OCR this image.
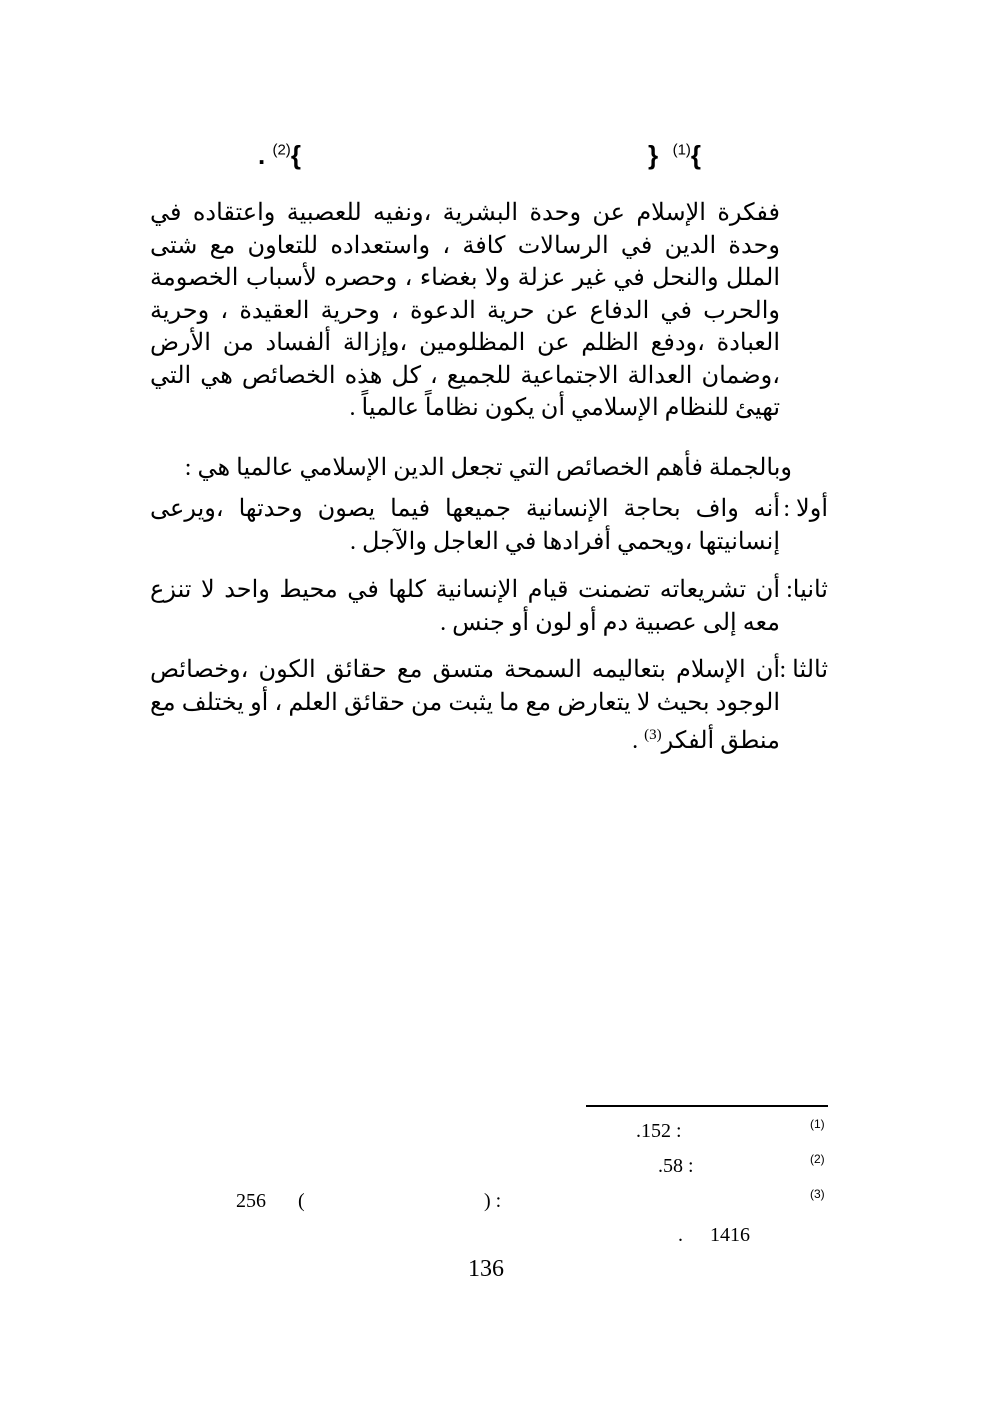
} $^{(1)}${
. $^{(2)}${
ففكرة الإسلام عن وحدة البشرية ،ونفيه للعصبية واعتقاده في وحدة الدين في الرسالات كافة ، واستعداده للتعاون مع شتى الملل والنحل في غير عزلة ولا بغضاء ، وحصره لأسباب الخصومة والحرب في الدفاع عن حرية الدعوة ، وحرية العقيدة ، وحرية العبادة ،ودفع الظلم عن المظلومين ،وإزالة ألفساد من الأرض ،وضمان العدالة الاجتماعية للجميع ، كل هذه الخصائص هي التي تهيئ للنظام الإسلامي أن يكون نظاماً عالمياً .
وبالجملة فأهم الخصائص التي تجعل الدين الإسلامي عالميا هي :
أولا :
أنه واف بحاجة الإنسانية جميعها فيما يصون وحدتها ،ويرعى إنسانيتها ،ويحمي أفرادها في العاجل والآجل .
ثانيا:
أن تشريعاته تضمنت قيام الإنسانية كلها في محيط واحد لا تنزع معه إلى عصبية دم أو لون أو جنس .
ثالثا :
أن الإسلام بتعاليمه السمحة متسق مع حقائق الكون ،وخصائص الوجود بحيث لا يتعارض مع ما يثبت من حقائق العلم ، أو يختلف مع منطق ألفكر$^{(3)}$ .
(1)
.152 :
(2)
.58 :
(3)
256 (	) :
1416
.
136
